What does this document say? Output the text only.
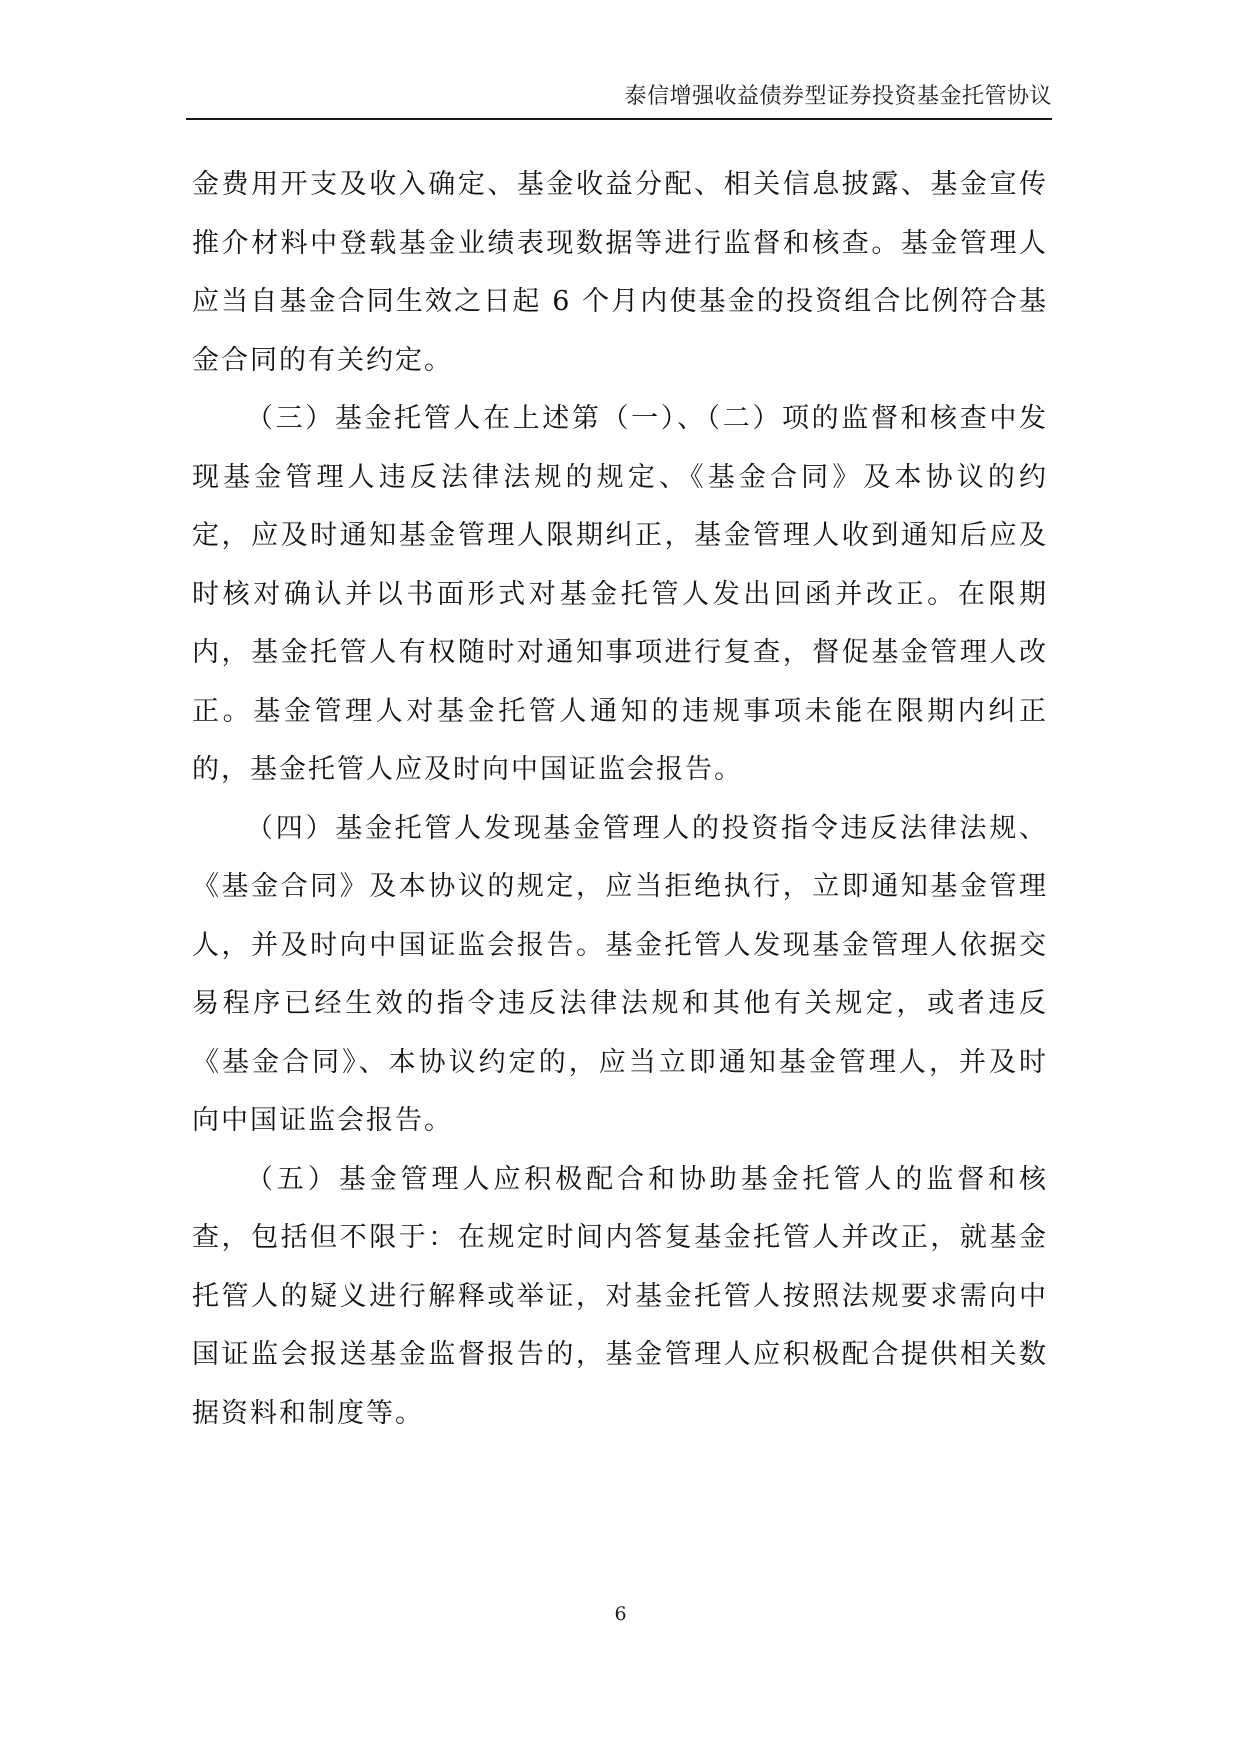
泰信增强收益债券型证券投资基金托管协议

金费用开支及收入确定、基金收益分配、相关信息披露、基金宣传推介材料中登载基金业绩表现数据等进行监督和核查。基金管理人应当自基金合同生效之日起 6 个月内使基金的投资组合比例符合基金合同的有关约定。

（三）基金托管人在上述第（一）、（二）项的监督和核查中发现基金管理人违反法律法规的规定、《基金合同》及本协议的约定，应及时通知基金管理人限期纠正，基金管理人收到通知后应及时核对确认并以书面形式对基金托管人发出回函并改正。在限期内，基金托管人有权随时对通知事项进行复查，督促基金管理人改正。基金管理人对基金托管人通知的违规事项未能在限期内纠正的，基金托管人应及时向中国证监会报告。

（四）基金托管人发现基金管理人的投资指令违反法律法规、《基金合同》及本协议的规定，应当拒绝执行，立即通知基金管理人，并及时向中国证监会报告。基金托管人发现基金管理人依据交易程序已经生效的指令违反法律法规和其他有关规定，或者违反《基金合同》、本协议约定的，应当立即通知基金管理人，并及时向中国证监会报告。

（五）基金管理人应积极配合和协助基金托管人的监督和核查，包括但不限于：在规定时间内答复基金托管人并改正，就基金托管人的疑义进行解释或举证，对基金托管人按照法规要求需向中国证监会报送基金监督报告的，基金管理人应积极配合提供相关数据资料和制度等。

6
